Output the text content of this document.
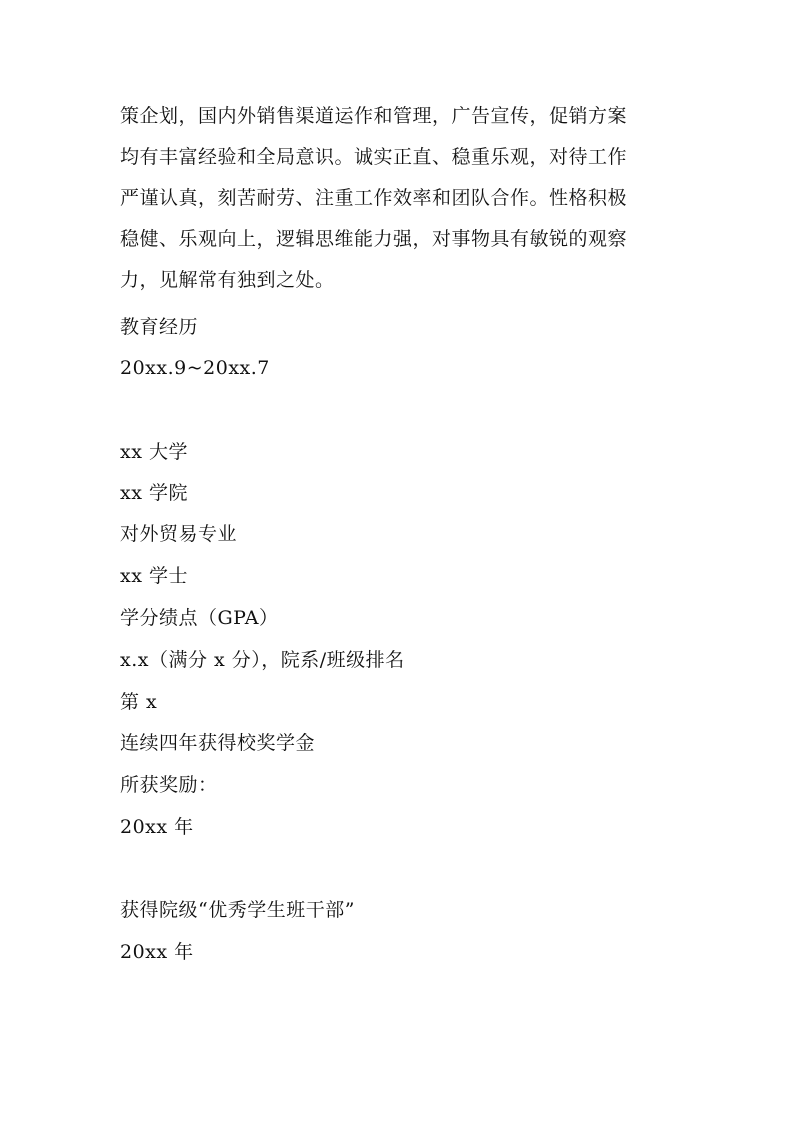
策企划，国内外销售渠道运作和管理，广告宣传，促销方案
均有丰富经验和全局意识。诚实正直、稳重乐观，对待工作
严谨认真，刻苦耐劳、注重工作效率和团队合作。性格积极
稳健、乐观向上，逻辑思维能力强，对事物具有敏锐的观察
力，见解常有独到之处。
教育经历
20xx.9~20xx.7
xx 大学
xx 学院
对外贸易专业
xx 学士
学分绩点（GPA）
x.x（满分 x 分），院系/班级排名
第 x
连续四年获得校奖学金
所获奖励：
20xx 年
获得院级“优秀学生班干部”
20xx 年
